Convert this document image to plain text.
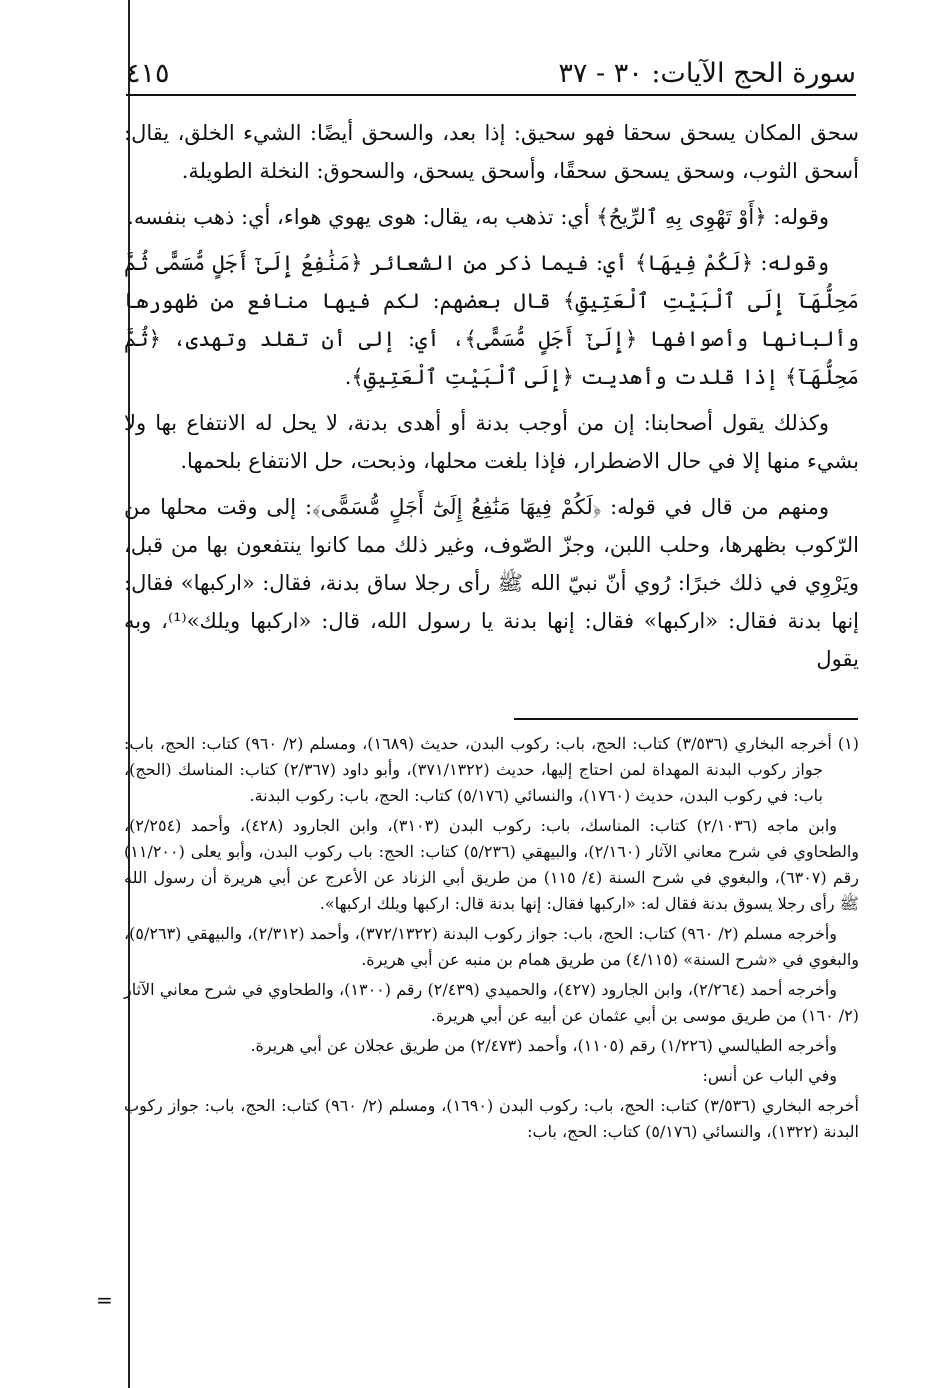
=
سورة الحج الآيات: ٣٠ - ٣٧
٤١٥

سحق المكان يسحق سحقا فهو سحيق: إذا بعد، والسحق أيضًا: الشيء الخلق، يقال: أسحق الثوب، وسحق يسحق سحقًا، وأسحق يسحق، والسحوق: النخلة الطويلة.

وقوله: ﴿أَوْ تَهْوِى بِهِ ٱلرِّيحُ﴾ أي: تذهب به، يقال: هوى يهوي هواء، أي: ذهب بنفسه.

وقوله: ﴿لَكُمْ فِيهَا﴾ أي: فيما ذكر من الشعائر ﴿مَنَٰفِعُ إِلَىٰٓ أَجَلٍ مُّسَمًّى ثُمَّ مَحِلُّهَآ إِلَى ٱلْبَيْتِ ٱلْعَتِيقِ﴾ قال بعضهم: لكم فيها منافع من ظهورها وألبانها وأصوافها ﴿إِلَىٰٓ أَجَلٍ مُّسَمًّى﴾، أي: إلى أن تقلد وتهدى، ﴿ثُمَّ مَحِلُّهَآ﴾ إذا قلدت وأهديت ﴿إِلَى ٱلْبَيْتِ ٱلْعَتِيقِ﴾.

وكذلك يقول أصحابنا: إن من أوجب بدنة أو أهدى بدنة، لا يحل له الانتفاع بها ولا بشيء منها إلا في حال الاضطرار، فإذا بلغت محلها، وذبحت، حل الانتفاع بلحمها.

ومنهم من قال في قوله: ﴿لَكُمْ فِيهَا مَنَٰفِعُ إِلَىٰٓ أَجَلٍ مُّسَمًّى﴾: إلى وقت محلها من الرّكوب بظهرها، وحلب اللبن، وجزّ الصّوف، وغير ذلك مما كانوا ينتفعون بها من قبل، ويَرْوِي في ذلك خبرًا: رُوي أنّ نبيّ الله ﷺ رأى رجلا ساق بدنة، فقال: «اركبها» فقال: إنها بدنة فقال: «اركبها» فقال: إنها بدنة يا رسول الله، قال: «اركبها ويلك»⁽¹⁾، وبه يقول

(١) أخرجه البخاري (٣/٥٣٦) كتاب: الحج، باب: ركوب البدن، حديث (١٦٨٩)، ومسلم (٢/ ٩٦٠) كتاب: الحج، باب: جواز ركوب البدنة المهداة لمن احتاج إليها، حديث (٣٧١/١٣٢٢)، وأبو داود (٢/٣٦٧) كتاب: المناسك (الحج)، باب: في ركوب البدن، حديث (١٧٦٠)، والنسائي (٥/١٧٦) كتاب: الحج، باب: ركوب البدنة.

وابن ماجه (٢/١٠٣٦) كتاب: المناسك، باب: ركوب البدن (٣١٠٣)، وابن الجارود (٤٢٨)، وأحمد (٢/٢٥٤)، والطحاوي في شرح معاني الآثار (٢/١٦٠)، والبيهقي (٥/٢٣٦) كتاب: الحج: باب ركوب البدن، وأبو يعلى (١١/٢٠٠) رقم (٦٣٠٧)، والبغوي في شرح السنة (٤/ ١١٥) من طريق أبي الزناد عن الأعرج عن أبي هريرة أن رسول الله ﷺ رأى رجلا يسوق بدنة فقال له: «اركبها فقال: إنها بدنة قال: اركبها ويلك اركبها».

وأخرجه مسلم (٢/ ٩٦٠) كتاب: الحج، باب: جواز ركوب البدنة (٣٧٢/١٣٢٢)، وأحمد (٢/٣١٢)، والبيهقي (٥/٢٦٣)، والبغوي في «شرح السنة» (٤/١١٥) من طريق همام بن منبه عن أبي هريرة.

وأخرجه أحمد (٢/٢٦٤)، وابن الجارود (٤٢٧)، والحميدي (٢/٤٣٩) رقم (١٣٠٠)، والطحاوي في شرح معاني الآثار (٢/ ١٦٠) من طريق موسى بن أبي عثمان عن أبيه عن أبي هريرة.

وأخرجه الطيالسي (١/٢٢٦) رقم (١١٠٥)، وأحمد (٢/٤٧٣) من طريق عجلان عن أبي هريرة.

وفي الباب عن أنس:

أخرجه البخاري (٣/٥٣٦) كتاب: الحج، باب: ركوب البدن (١٦٩٠)، ومسلم (٢/ ٩٦٠) كتاب: الحج، باب: جواز ركوب البدنة (١٣٢٢)، والنسائي (٥/١٧٦) كتاب: الحج، باب:
